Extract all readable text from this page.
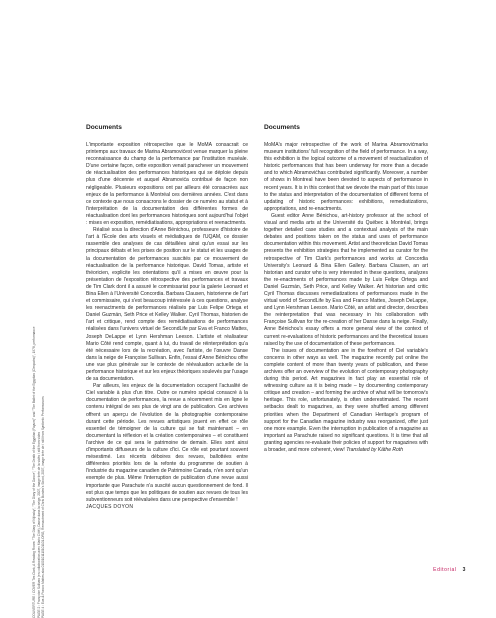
COUVERTURE / COVER Tim Clark, A Reading Room: "The Diary of Nijinsky", "The Diary of the Dance", "The Death of the Egyptian (Fayum)" and "The Ballet of the Egyptian (Cleopatra)", 1978, performance PAGE 2 : Françoise Sullivan (en collaboration avec Mario Côté), Danse dans la neige, 2007, image tirée de la vidéo / still from video PAGE 4 : Eva & Franco Mattes aka 0100101110101101.ORG, Reenactment of Chris Burden's Shoot, 2007, image tirée de / still from Synthetic Performances

Documents

L'importante exposition rétrospective que le MoMA consacrait ce printemps aux travaux de Marina Abramovićest venue marquer la pleine reconnaissance du champ de la performance par l'institution muséale. D'une certaine façon, cette exposition venait parachever un mouvement de réactualisation des performances historiques qui se déploie depuis plus d'une décennie et auquel Abramovića contribué de façon non négligeable. Plusieurs expositions ont par ailleurs été consacrées aux enjeux de la performance à Montréal ces dernières années. C'est dans ce contexte que nous consacrons le dossier de ce numéro au statut et à l'interprétation de la documentation des différentes formes de réactualisation dont les performances historiques sont aujourd'hui l'objet : mises en exposition, remédiatisations, appropriations et reenactments.

Réalisé sous la direction d'Anne Bénichou, professeure d'histoire de l'art à l'École des arts visuels et médiatiques de l'UQAM, ce dossier rassemble des analyses de cas détaillées ainsi qu'un essai sur les principaux débats et les prises de position sur le statut et les usages de la documentation de performances suscités par ce mouvement de réactualisation de la performance historique. David Tomas, artiste et théoricien, explicite les orientations qu'il a mises en œuvre pour la présentation de l'exposition rétrospective des performances et travaux de Tim Clark dont il a assuré le commissariat pour la galerie Leonard et Bina Ellen à l'Université Concordia. Barbara Clausen, historienne de l'art et commissaire, qui s'est beaucoup intéressée à ces questions, analyse les reenactments de performances réalisés par Luis Felipe Ortega et Daniel Guzmán, Seth Price et Kelley Walker. Cyril Thomas, historien de l'art et critique, rend compte des remédiatisations de performances réalisées dans l'univers virtuel de SecondLife par Eva et Franco Mattes, Joseph DeLappe et Lynn Hershman Leeson. L'artiste et réalisateur Mario Côté rend compte, quant à lui, du travail de réinterprétation qu'a été nécessaire lors de la recréation, avec l'artiste, de l'œuvre Danse dans la neige de Françoise Sullivan. Enfin, l'essai d'Anne Bénichou offre une vue plus générale sur le contexte de réévaluation actuelle de la performance historique et sur les enjeux théoriques soulevés par l'usage de sa documentation.

Par ailleurs, les enjeux de la documentation occupent l'actualité de Ciel variable à plus d'un titre. Outre ce numéro spécial consacré à la documentation de performances, la revue a récemment mis en ligne le contenu intégral de ses plus de vingt ans de publication. Ces archives offrent un aperçu de l'évolution de la photographie contemporaine durant cette période. Les revues artistiques jouent en effet ce rôle essentiel de témoigner de la culture qui se fait maintenant – en documentant la réflexion et la création contemporaines – et constituent l'archive de ce qui sera le patrimoine de demain. Elles sont ainsi d'importants diffuseurs de la culture d'ici. Ce rôle est pourtant souvent mésestimé. Les récents déboires des revues, ballottées entre différentes priorités lors de la refonte du programme de soutien à l'industrie du magazine canadien de Patrimoine Canada, n'en sont qu'un exemple de plus. Même l'interruption de publication d'une revue aussi importante que Parachute n'a suscité aucun questionnement de fond. Il est plus que temps que les politiques de soutien aux revues de tous les subventionneurs soit réévaluées dans une perspective d'ensemble !

JACQUES DOYON

Documents

MoMA's major retrospective of the work of Marina Abramovićmarks museum institutions' full recognition of the field of performance. In a way, this exhibition is the logical outcome of a movement of reactualization of historic performances that has been underway for more than a decade and to which Abramovićhas contributed significantly. Moreover, a number of shows in Montreal have been devoted to aspects of performance in recent years. It is in this context that we devote the main part of this issue to the status and interpretation of the documentation of different forms of updating of historic performances: exhibitions, remediatizations, appropriations, and re-enactments.

Guest editor Anne Bénichou, art-history professor at the school of visual and media arts at the Université du Québec à Montréal, brings together detailed case studies and a contextual analysis of the main debates and positions taken on the status and uses of performance documentation within this movement. Artist and theoretician David Tomas presents the exhibition strategies that he implemented as curator for the retrospective of Tim Clark's performances and works at Concordia University's Leonard & Bina Ellen Gallery. Barbara Clausen, an art historian and curator who is very interested in these questions, analyzes the re-enactments of performances made by Luis Felipe Ortega and Daniel Guzmán, Seth Price, and Kelley Walker. Art historian and critic Cyril Thomas discusses remediatizations of performances made in the virtual world of SecondLife by Eva and Franco Mattes, Joseph DeLappe, and Lynn Hershman Leeson. Mario Côté, an artist and director, describes the reinterpretation that was necessary in his collaboration with Françoise Sullivan for the re-creation of her Danse dans la neige. Finally, Anne Bénichou's essay offers a more general view of the context of current re-evaluations of historic performances and the theoretical issues raised by the use of documentation of these performances.

The issues of documentation are in the forefront of Ciel variable's concerns in other ways as well. The magazine recently put online the complete content of more than twenty years of publication, and these archives offer an overview of the evolution of contemporary photography during this period. Art magazines in fact play an essential role of witnessing culture as it is being made – by documenting contemporary critique and creation – and forming the archive of what will be tomorrow's heritage. This role, unfortunately, is often underestimated. The recent setbacks dealt to magazines, as they were shuffled among different priorities when the Department of Canadian Heritage's program of support for the Canadian magazine industry was reorganized, offer just one more example. Even the interruption in publication of a magazine as important as Parachute raised no significant questions. It is time that all granting agencies re-evaluate their policies of support for magazines with a broader, and more coherent, view! Translated by Käthe Roth

Editorial 3
